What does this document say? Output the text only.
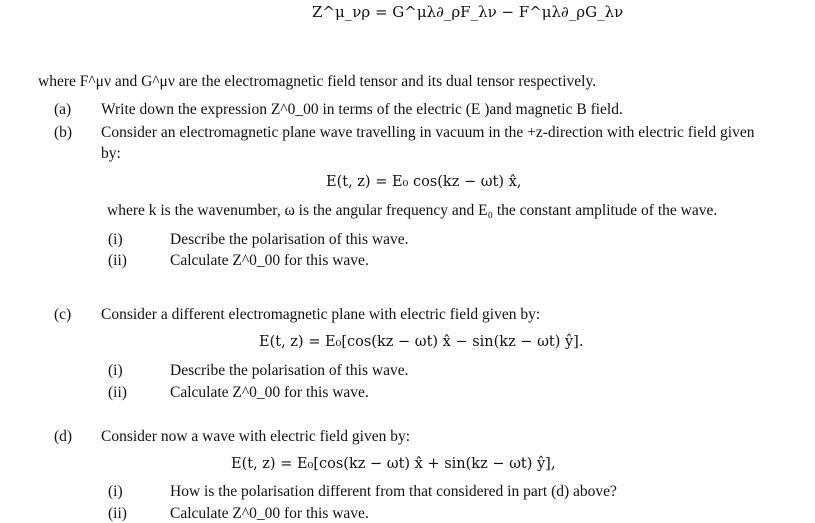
Z^μ_νρ = G^μλ∂_ρF_λν − F^μλ∂_ρG_λν
where F^μν and G^μν are the electromagnetic field tensor and its dual tensor respectively.
(a)	Write down the expression Z^0_00 in terms of the electric (E )and magnetic B field.
(b)	Consider an electromagnetic plane wave travelling in vacuum in the +z-direction with electric field given
by:
E(t, z) = E₀ cos(kz − ωt) x̂,
where k is the wavenumber, ω is the angular frequency and E₀ the constant amplitude of the wave.
(i)	Describe the polarisation of this wave.
(ii)	Calculate Z^0_00 for this wave.
(c)	Consider a different electromagnetic plane with electric field given by:
E(t, z) = E₀[cos(kz − ωt) x̂ − sin(kz − ωt) ŷ].
(i)	Describe the polarisation of this wave.
(ii)	Calculate Z^0_00 for this wave.
(d)	Consider now a wave with electric field given by:
E(t, z) = E₀[cos(kz − ωt) x̂ + sin(kz − ωt) ŷ],
(i)	How is the polarisation different from that considered in part (d) above?
(ii)	Calculate Z^0_00 for this wave.
